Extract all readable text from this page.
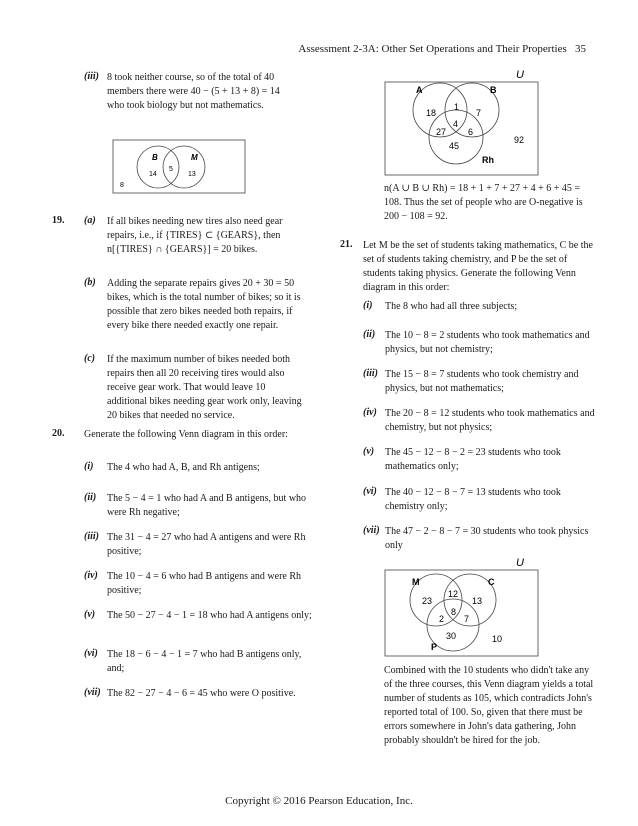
Assessment 2-3A: Other Set Operations and Their Properties 35
(iii) 8 took neither course, so of the total of 40 members there were 40 − (5 + 13 + 8) = 14 who took biology but not mathematics.
B	M
14
5
13
8
19. (a) If all bikes needing new tires also need gear repairs, i.e., if {TIRES} ⊂ {GEARS}, then n[{TIRES} ∩ {GEARS}] = 20 bikes.
(b) Adding the separate repairs gives 20 + 30 = 50 bikes, which is the total number of bikes; so it is possible that zero bikes needed both repairs, if every bike there needed exactly one repair.
(c) If the maximum number of bikes needed both repairs then all 20 receiving tires would also receive gear work. That would leave 10 additional bikes needing gear work only, leaving 20 bikes that needed no service.
20. Generate the following Venn diagram in this order:
(i) The 4 who had A, B, and Rh antigens;
(ii) The 5 − 4 = 1 who had A and B antigens, but who were Rh negative;
(iii) The 31 − 4 = 27 who had A antigens and were Rh positive;
(iv) The 10 − 4 = 6 who had B antigens and were Rh positive;
(v) The 50 − 27 − 4 − 1 = 18 who had A antigens only;
(vi) The 18 − 6 − 4 − 1 = 7 who had B antigens only, and;
(vii) The 82 − 27 − 4 − 6 = 45 who were O positive.
U
A	B
Rh
18
1
7
4
27 6
45
92
n(A ∪ B ∪ Rh) = 18 + 1 + 7 + 27 + 4 + 6 + 45 = 108. Thus the set of people who are O-negative is 200 − 108 = 92.
21. Let M be the set of students taking mathematics, C be the set of students taking chemistry, and P be the set of students taking physics. Generate the following Venn diagram in this order:
(i) The 8 who had all three subjects;
(ii) The 10 − 8 = 2 students who took mathematics and physics, but not chemistry;
(iii) The 15 − 8 = 7 students who took chemistry and physics, but not mathematics;
(iv) The 20 − 8 = 12 students who took mathematics and chemistry, but not physics;
(v) The 45 − 12 − 8 − 2 = 23 students who took mathematics only;
(vi) The 40 − 12 − 8 − 7 = 13 students who took chemistry only;
(vii) The 47 − 2 − 8 − 7 = 30 students who took physics only
U
M	C
P
23
12
13
8
2 7
30	10
Combined with the 10 students who didn't take any of the three courses, this Venn diagram yields a total number of students as 105, which contradicts John's reported total of 100. So, given that there must be errors somewhere in John's data gathering, John probably shouldn't be hired for the job.
Copyright © 2016 Pearson Education, Inc.
